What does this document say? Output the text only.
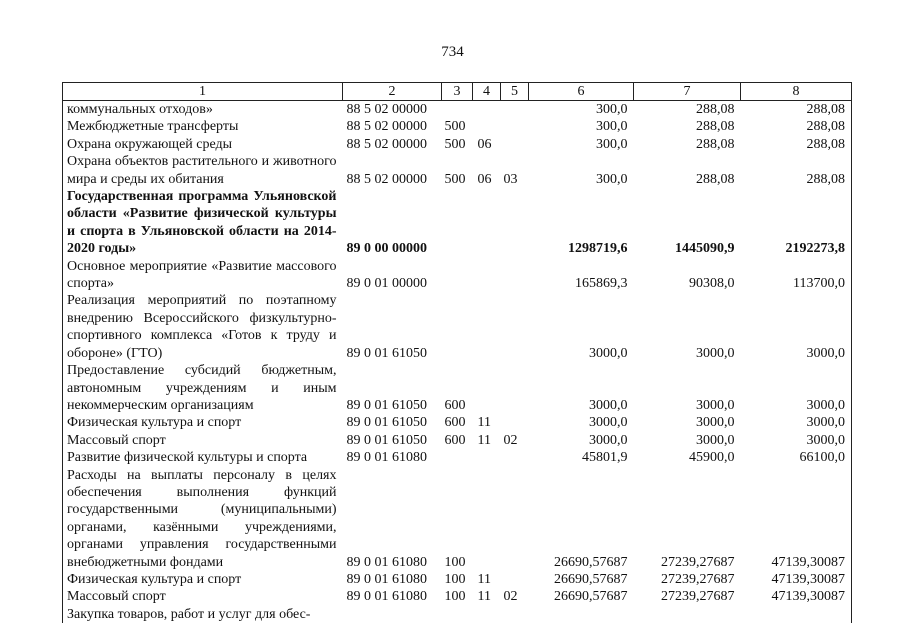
734
1	2	3	4	5	6	7	8
коммунальных отходов»	88 5 02 00000				300,0	288,08	288,08
Межбюджетные трансферты	88 5 02 00000	500			300,0	288,08	288,08
Охрана окружающей среды	88 5 02 00000	500	06		300,0	288,08	288,08
Охрана объектов растительного и животного мира и среды их обитания	88 5 02 00000	500	06	03	300,0	288,08	288,08
Государственная программа Ульяновской области «Развитие физической культуры и спорта в Ульяновской области на 2014-2020 годы»	89 0 00 00000				1298719,6	1445090,9	2192273,8
Основное мероприятие «Развитие массового спорта»	89 0 01 00000				165869,3	90308,0	113700,0
Реализация мероприятий по поэтапному внедрению Всероссийского физкультурно-спортивного комплекса «Готов к труду и обороне» (ГТО)	89 0 01 61050				3000,0	3000,0	3000,0
Предоставление субсидий бюджетным, автономным учреждениям и иным некоммерческим организациям	89 0 01 61050	600			3000,0	3000,0	3000,0
Физическая культура и спорт	89 0 01 61050	600	11		3000,0	3000,0	3000,0
Массовый спорт	89 0 01 61050	600	11	02	3000,0	3000,0	3000,0
Развитие физической культуры и спорта	89 0 01 61080				45801,9	45900,0	66100,0
Расходы на выплаты персоналу в целях обеспечения выполнения функций государственными (муниципальными) органами, казёнными учреждениями, органами управления государственными внебюджетными фондами	89 0 01 61080	100			26690,57687	27239,27687	47139,30087
Физическая культура и спорт	89 0 01 61080	100	11		26690,57687	27239,27687	47139,30087
Массовый спорт	89 0 01 61080	100	11	02	26690,57687	27239,27687	47139,30087
Закупка товаров, работ и услуг для обес-							
